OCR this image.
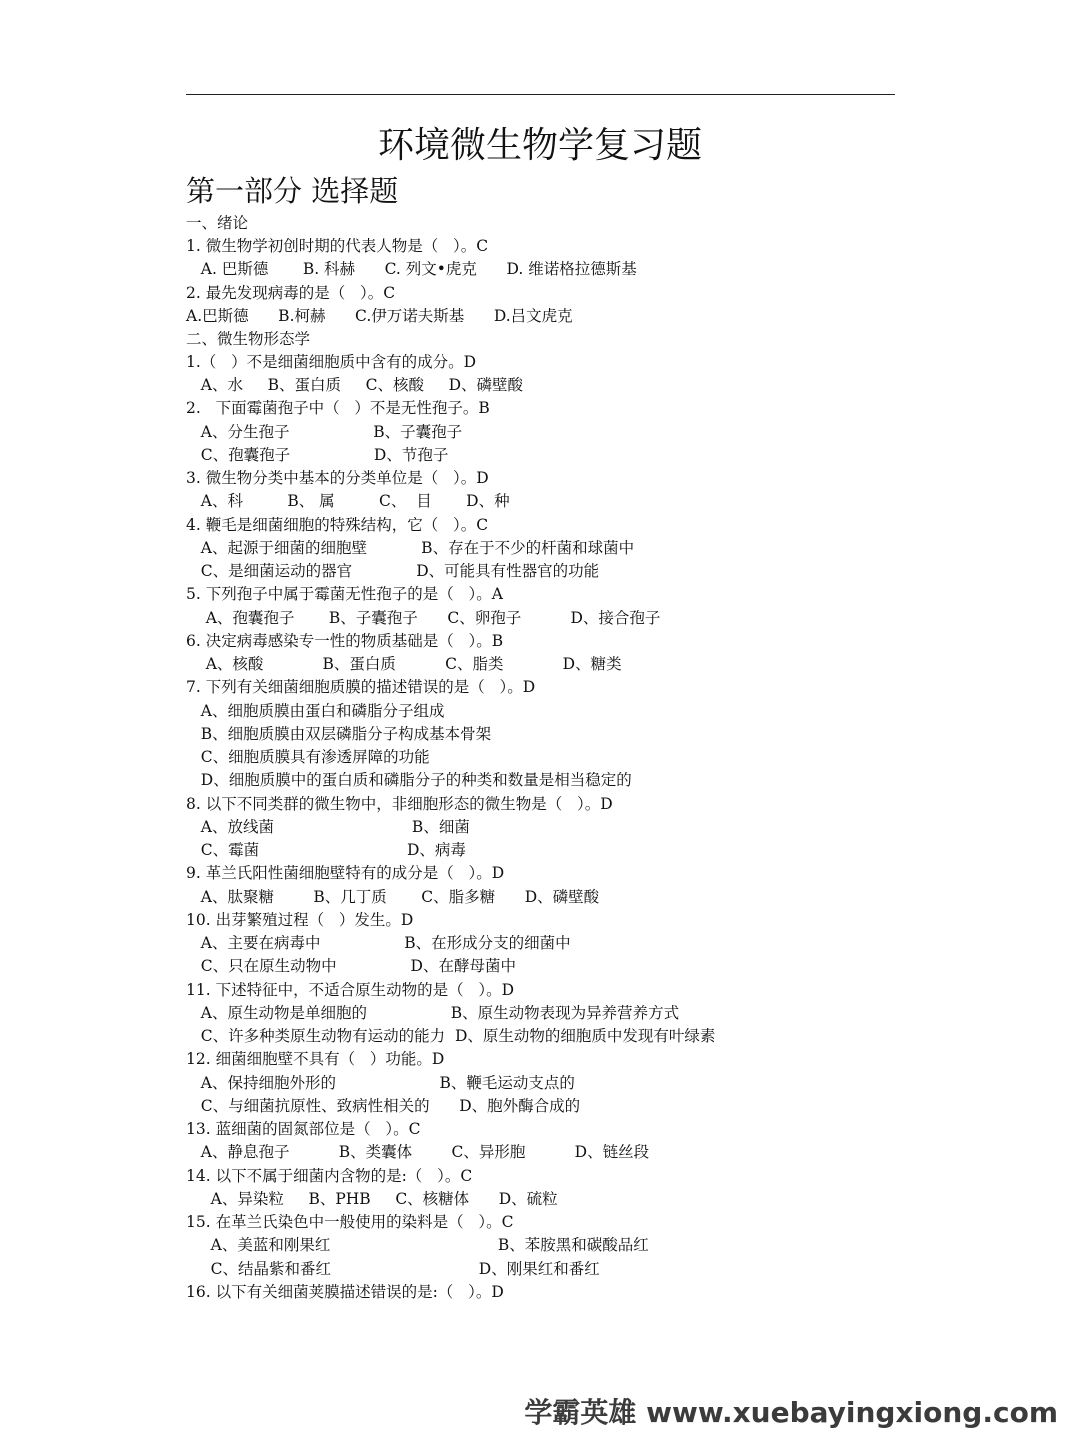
环境微生物学复习题
第一部分 选择题

一、绪论

1. 微生物学初创时期的代表人物是（   ）。C

A. 巴斯德       B. 科赫      C. 列文•虎克      D. 维诺格拉德斯基

2. 最先发现病毒的是（   ）。C

A.巴斯德      B.柯赫      C.伊万诺夫斯基      D.吕文虎克

二、微生物形态学

1.（   ）不是细菌细胞质中含有的成分。D

A、水     B、蛋白质     C、核酸     D、磷壁酸

2.   下面霉菌孢子中（   ）不是无性孢子。B

A、分生孢子                 B、子囊孢子

C、孢囊孢子                 D、节孢子

3. 微生物分类中基本的分类单位是（   ）。D

A、科         B、 属         C、  目       D、种

4. 鞭毛是细菌细胞的特殊结构，它（   ）。C

A、起源于细菌的细胞壁           B、存在于不少的杆菌和球菌中

C、是细菌运动的器官             D、可能具有性器官的功能

5. 下列孢子中属于霉菌无性孢子的是（   ）。A

A、孢囊孢子       B、子囊孢子      C、卵孢子          D、接合孢子

6. 决定病毒感染专一性的物质基础是（   ）。B

A、核酸            B、蛋白质          C、脂类            D、糖类

7. 下列有关细菌细胞质膜的描述错误的是（   ）。D

A、细胞质膜由蛋白和磷脂分子组成

B、细胞质膜由双层磷脂分子构成基本骨架

C、细胞质膜具有渗透屏障的功能

D、细胞质膜中的蛋白质和磷脂分子的种类和数量是相当稳定的

8. 以下不同类群的微生物中，非细胞形态的微生物是（   ）。D

A、放线菌                            B、细菌

C、霉菌                              D、病毒

9. 革兰氏阳性菌细胞壁特有的成分是（   ）。D

A、肽聚糖        B、几丁质       C、脂多糖      D、磷壁酸

10. 出芽繁殖过程（   ）发生。D

A、主要在病毒中                 B、在形成分支的细菌中

C、只在原生动物中               D、在酵母菌中

11. 下述特征中，不适合原生动物的是（   ）。D

A、原生动物是单细胞的                 B、原生动物表现为异养营养方式

C、许多种类原生动物有运动的能力  D、原生动物的细胞质中发现有叶绿素

12. 细菌细胞壁不具有（   ）功能。D

A、保持细胞外形的                     B、鞭毛运动支点的

C、与细菌抗原性、致病性相关的      D、胞外酶合成的

13. 蓝细菌的固氮部位是（   ）。C

A、静息孢子          B、类囊体        C、异形胞          D、链丝段

14. 以下不属于细菌内含物的是:（   ）。C

A、异染粒     B、PHB     C、核糖体      D、硫粒

15. 在革兰氏染色中一般使用的染料是（   ）。C

A、美蓝和刚果红                                  B、苯胺黑和碳酸品红

C、结晶紫和番红                              D、刚果红和番红

16. 以下有关细菌荚膜描述错误的是:（   ）。D

学霸英雄 www.xuebayingxiong.com
